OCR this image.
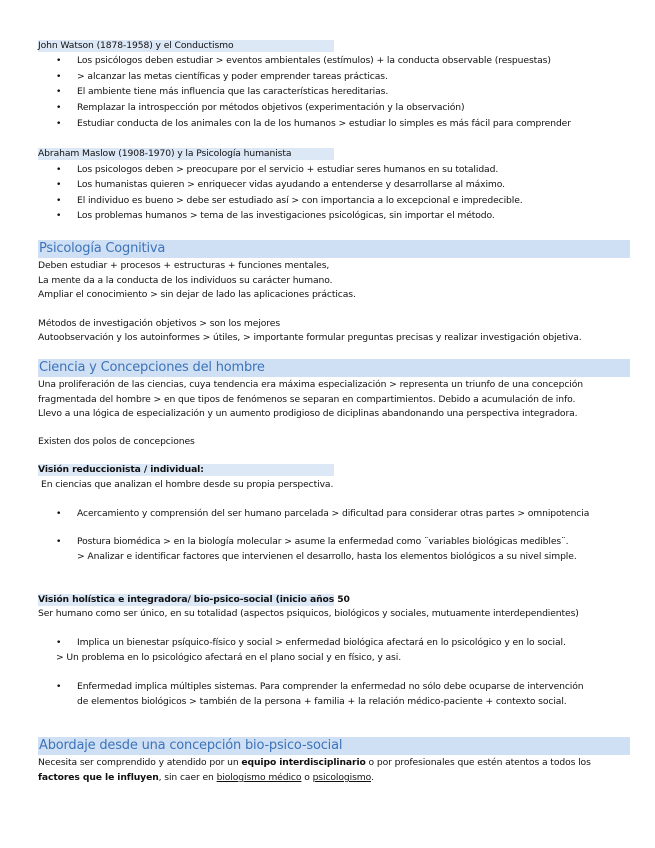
John Watson (1878-1958) y el Conductismo
•	Los psicólogos deben estudiar > eventos ambientales (estímulos) + la conducta observable (respuestas)
•	> alcanzar las metas científicas y poder emprender tareas prácticas.
•	El ambiente tiene más influencia que las características hereditarias.
•	Remplazar la introspección por métodos objetivos (experimentación y la observación)
•	Estudiar conducta de los animales con la de los humanos > estudiar lo simples es más fácil para comprender
Abraham Maslow (1908-1970) y la Psicología humanista
•	Los psicologos deben > preocupare por el servicio + estudiar seres humanos en su totalidad.
•	Los humanistas quieren > enriquecer vidas ayudando a entenderse y desarrollarse al máximo.
•	El individuo es bueno > debe ser estudiado así > con importancia a lo excepcional e impredecible.
•	Los problemas humanos > tema de las investigaciones psicológicas, sin importar el método.
Psicología Cognitiva
Deben estudiar + procesos + estructuras + funciones mentales,
La mente da a la conducta de los individuos su carácter humano.
Ampliar el conocimiento > sin dejar de lado las aplicaciones prácticas.
Métodos de investigación objetivos > son los mejores
Autoobservación y los autoinformes > útiles, > importante formular preguntas precisas y realizar investigación objetiva.
Ciencia y Concepciones del hombre
Una proliferación de las ciencias, cuya tendencia era máxima especialización > representa un triunfo de una concepción
fragmentada del hombre > en que tipos de fenómenos se separan en compartimientos. Debido a acumulación de info.
Llevo a una lógica de especialización y un aumento prodigioso de diciplinas abandonando una perspectiva integradora.
Existen dos polos de concepciones
Visión reduccionista / individual:
En ciencias que analizan el hombre desde su propia perspectiva.
•	Acercamiento y comprensión del ser humano parcelada > dificultad para considerar otras partes > omnipotencia
•	Postura biomédica > en la biología molecular > asume la enfermedad como ¨variables biológicas medibles¨.
> Analizar e identificar factores que intervienen el desarrollo, hasta los elementos biológicos a su nivel simple.
Visión holística e integradora/ bio-psico-social (inicio años 50
Ser humano como ser único, en su totalidad (aspectos psiquicos, biológicos y sociales, mutuamente interdependientes)
•	Implica un bienestar psíquico-físico y social > enfermedad biológica afectará en lo psicológico y en lo social.
> Un problema en lo psicológico afectará en el plano social y en físico, y asi.
•	Enfermedad implica múltiples sistemas. Para comprender la enfermedad no sólo debe ocuparse de intervención
de elementos biológicos > también de la persona + familia + la relación médico-paciente + contexto social.
Abordaje desde una concepción bio-psico-social
Necesita ser comprendido y atendido por un equipo interdisciplinario o por profesionales que estén atentos a todos los
factores que le influyen, sin caer en biologismo médico o psicologismo.
